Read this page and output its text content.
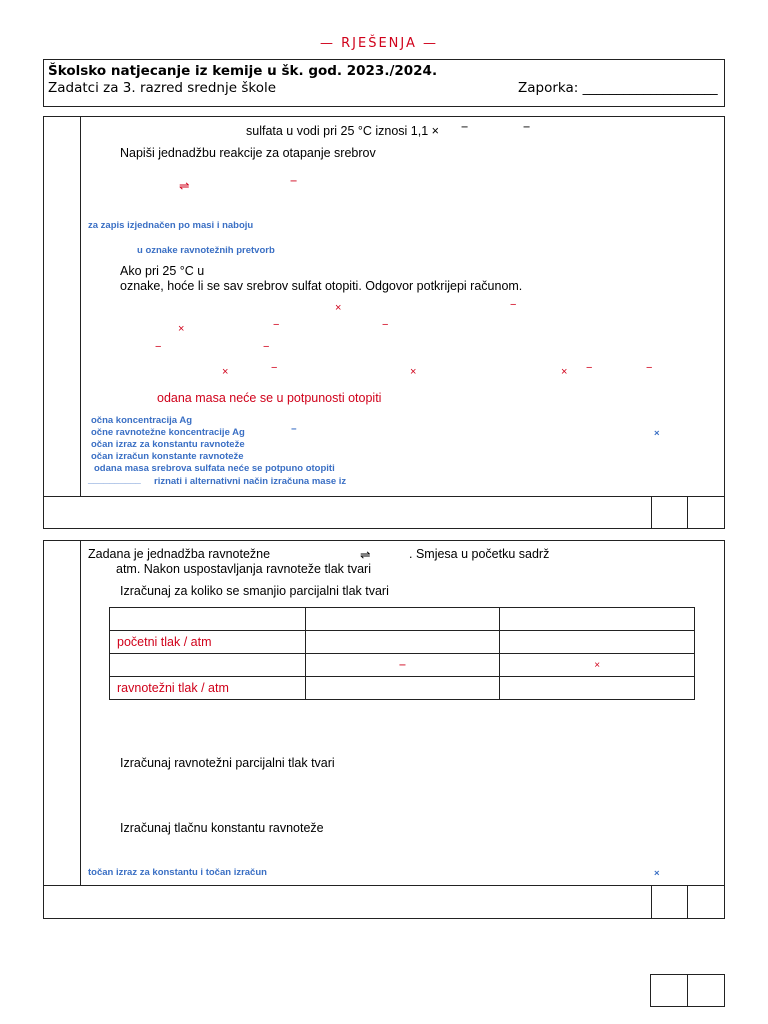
— RJEŠENJA —
Školsko natjecanje iz kemije u šk. god. 2023./2024.
Zadatci za 3. razred srednje škole	Zaporka: ____________________
sulfata u vodi pri 25 °C iznosi 1,1 × −	−
Napiši jednadžbu reakcije za otapanje srebrov
⇌	−
za zapis izjednačen po masi i naboju
u oznake ravnotežnih pretvorb
Ako pri 25 °C u
oznake, hoće li se sav srebrov sulfat otopiti. Odgovor potkrijepi računom.
×	−
×	−	−
−	−
×	−	×	× −	−
odana masa neće se u potpunosti otopiti
očna koncentracija Ag
očne ravnotežne koncentracije Ag	−	×
očan izraz za konstantu ravnoteže
očan izračun konstante ravnoteže
odana masa srebrova sulfata neće se potpuno otopiti
__________ riznati i alternativni način izračuna mase iz
Zadana je jednadžba ravnotežne	⇌	. Smjesa u početku sadrž
atm. Nakon uspostavljanja ravnoteže tlak tvari
Izračunaj za koliko se smanjio parcijalni tlak tvari

početni tlak / atm		
	−	×
ravnotežni tlak / atm		
Izračunaj ravnotežni parcijalni tlak tvari
Izračunaj tlačnu konstantu ravnoteže
točan izraz za konstantu i točan izračun	×
